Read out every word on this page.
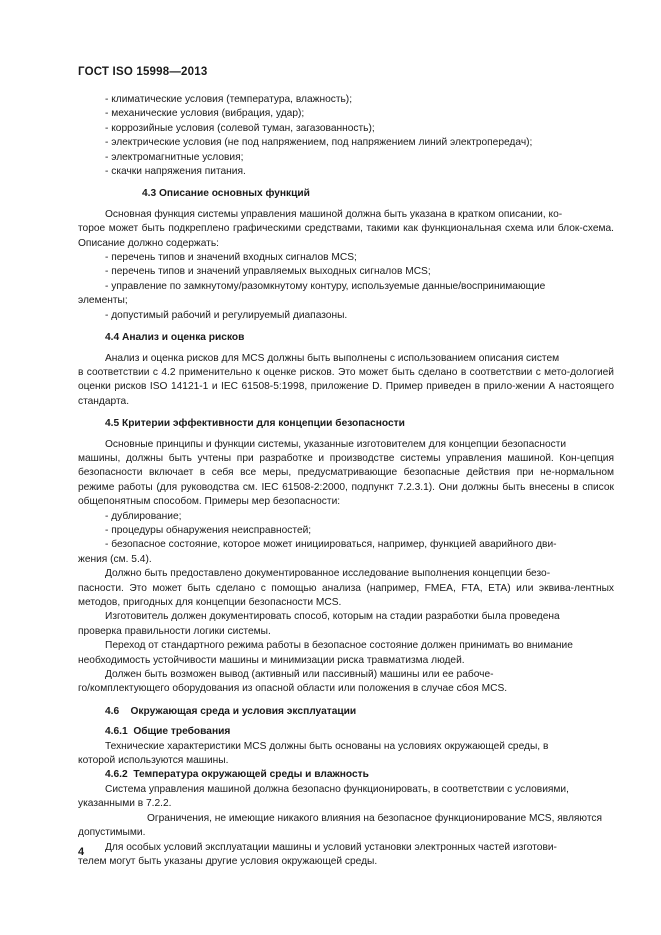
ГОСТ ISO 15998—2013

- климатические условия (температура, влажность);

- механические условия (вибрация, удар);

- коррозийные условия (солевой туман, загазованность);

- электрические условия (не под напряжением, под напряжением линий электропередач);

- электромагнитные условия;

- скачки напряжения питания.

4.3 Описание основных функций

Основная функция системы управления машиной должна быть указана в кратком описании, ко-

торое может быть подкреплено графическими средствами, такими как функциональная схема или блок-схема. Описание должно содержать:

- перечень типов и значений входных сигналов MCS;

- перечень типов и значений управляемых выходных сигналов MCS;

- управление по замкнутому/разомкнутому контуру, используемые данные/воспринимающие

элементы;

- допустимый рабочий и регулируемый диапазоны.

4.4 Анализ и оценка рисков

Анализ и оценка рисков для MCS должны быть выполнены с использованием описания систем

в соответствии с 4.2 применительно к оценке рисков. Это может быть сделано в соответствии с мето-дологией оценки рисков ISO 14121-1 и IEC 61508-5:1998, приложение D. Пример приведен в прило-жении А настоящего стандарта.

4.5 Критерии эффективности для концепции безопасности

Основные принципы и функции системы, указанные изготовителем для концепции безопасности

машины, должны быть учтены при разработке и производстве системы управления машиной. Кон-цепция безопасности включает в себя все меры, предусматривающие безопасные действия при не-нормальном режиме работы (для руководства см. IEC 61508-2:2000, подпункт 7.2.3.1). Они должны быть внесены в список общепонятным способом. Примеры мер безопасности:

- дублирование;

- процедуры обнаружения неисправностей;

- безопасное состояние, которое может инициироваться, например, функцией аварийного дви-

жения (см. 5.4).

Должно быть предоставлено документированное исследование выполнения концепции безо-

пасности. Это может быть сделано с помощью анализа (например, FMEA, FTA, ETA) или эквива-лентных методов, пригодных для концепции безопасности MCS.

Изготовитель должен документировать способ, которым на стадии разработки была проведена

проверка правильности логики системы.

Переход от стандартного режима работы в безопасное состояние должен принимать во внимание

необходимость устойчивости машины и минимизации риска травматизма людей.

Должен быть возможен вывод (активный или пассивный) машины или ее рабоче-

го/комплектующего оборудования из опасной области или положения в случае сбоя MCS.

4.6    Окружающая среда и условия эксплуатации

4.6.1  Общие требования

Технические характеристики MCS должны быть основаны на условиях окружающей среды, в

которой используются машины.

4.6.2  Температура окружающей среды и влажность

Система управления машиной должна безопасно функционировать, в соответствии с условиями,

указанными в 7.2.2.

Ограничения, не имеющие никакого влияния на безопасное функционирование MCS, являются

допустимыми.

Для особых условий эксплуатации машины и условий установки электронных частей изготови-

телем могут быть указаны другие условия окружающей среды.

4
